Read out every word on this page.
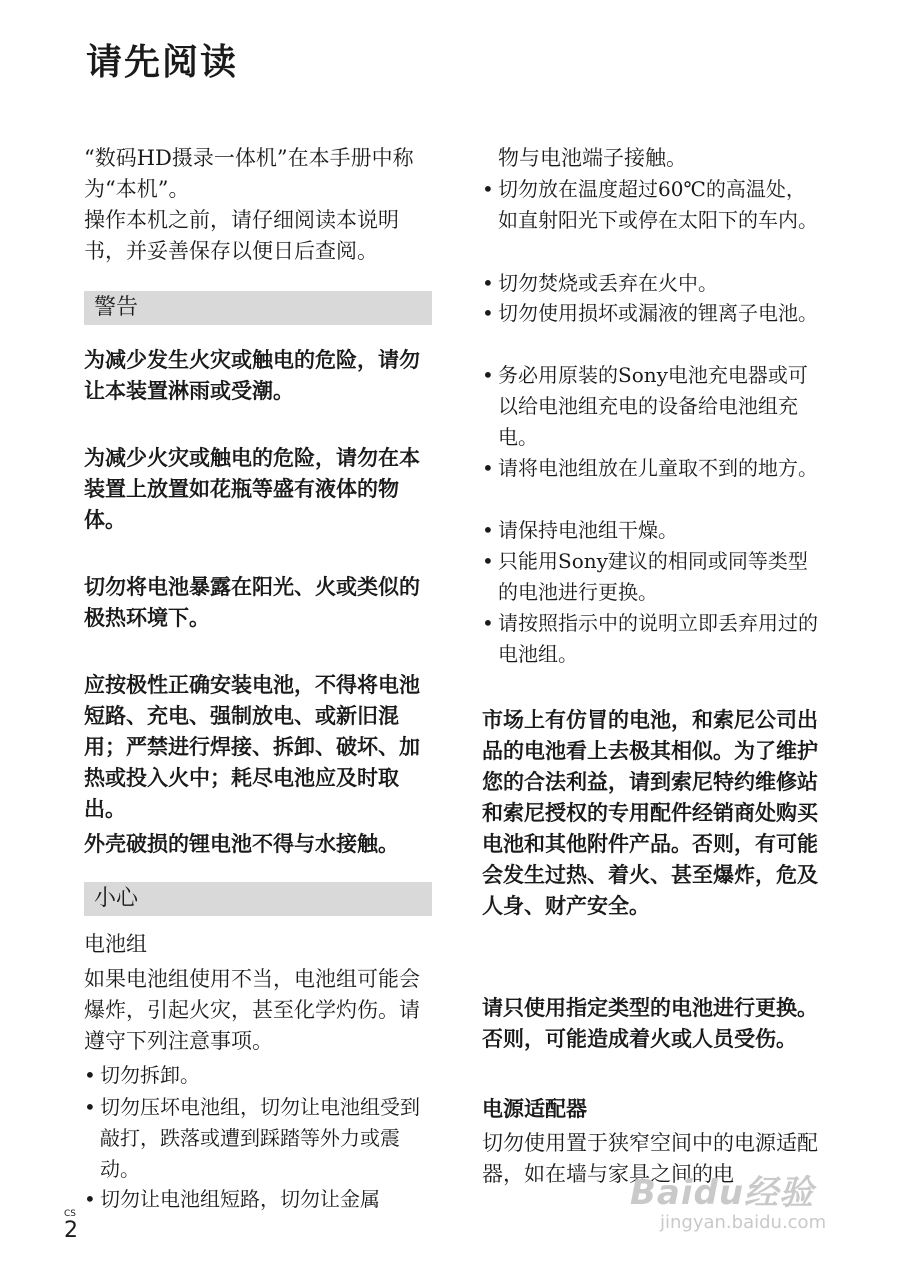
请先阅读
“数码HD摄录一体机”在本手册中称为“本机”。
操作本机之前，请仔细阅读本说明书，并妥善保存以便日后查阅。
警告
为减少发生火灾或触电的危险，请勿让本装置淋雨或受潮。
为减少火灾或触电的危险，请勿在本装置上放置如花瓶等盛有液体的物体。
切勿将电池暴露在阳光、火或类似的极热环境下。
应按极性正确安装电池，不得将电池短路、充电、强制放电、或新旧混用；严禁进行焊接、拆卸、破坏、加热或投入火中；耗尽电池应及时取出。
外壳破损的锂电池不得与水接触。
小心
电池组
如果电池组使用不当，电池组可能会爆炸，引起火灾，甚至化学灼伤。请遵守下列注意事项。
• 切勿拆卸。
• 切勿压坏电池组，切勿让电池组受到敲打，跌落或遭到踩踏等外力或震动。
• 切勿让电池组短路，切勿让金属
物与电池端子接触。
• 切勿放在温度超过60℃的高温处，如直射阳光下或停在太阳下的车内。
• 切勿焚烧或丢弃在火中。
• 切勿使用损坏或漏液的锂离子电池。
• 务必用原装的Sony电池充电器或可以给电池组充电的设备给电池组充电。
• 请将电池组放在儿童取不到的地方。
• 请保持电池组干燥。
• 只能用Sony建议的相同或同等类型的电池进行更换。
• 请按照指示中的说明立即丢弃用过的电池组。
市场上有仿冒的电池，和索尼公司出品的电池看上去极其相似。为了维护您的合法利益，请到索尼特约维修站和索尼授权的专用配件经销商处购买电池和其他附件产品。否则，有可能会发生过热、着火、甚至爆炸，危及人身、财产安全。
请只使用指定类型的电池进行更换。否则，可能造成着火或人员受伤。
电源适配器
切勿使用置于狭窄空间中的电源适配器，如在墙与家具之间的电
CS
2
Baidu经验
jingyan.baidu.com
